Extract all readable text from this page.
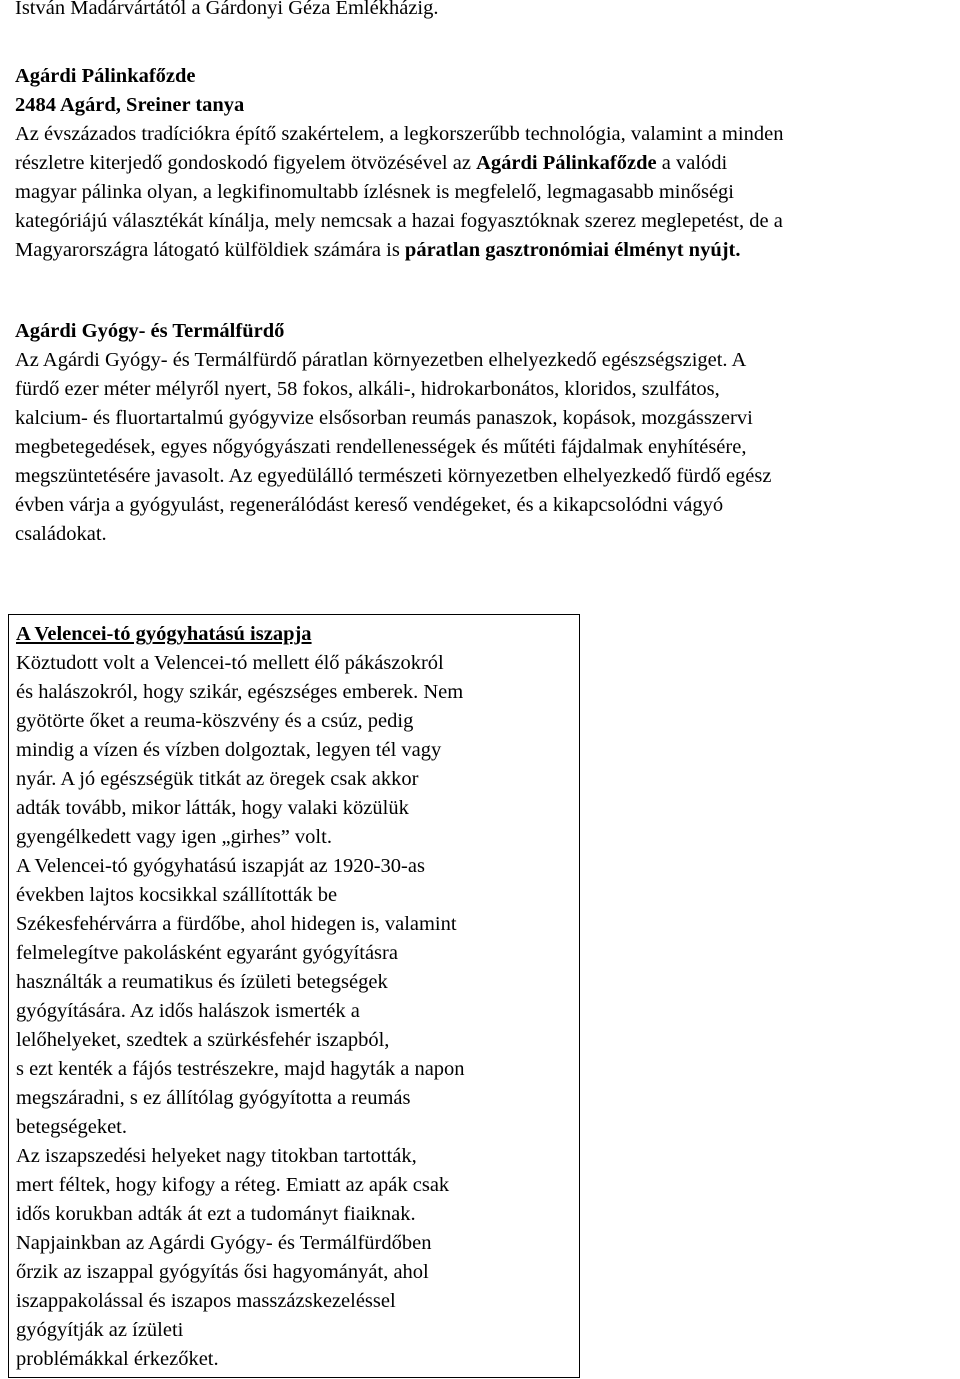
István Madárvártától a Gárdonyi Géza Emlékházig.
Agárdi Pálinkafőzde
2484 Agárd, Sreiner tanya
Az évszázados tradíciókra építő szakértelem, a legkorszerűbb technológia, valamint a minden
részletre kiterjedő gondoskodó figyelem ötvözésével az Agárdi Pálinkafőzde a valódi
magyar pálinka olyan, a legkifinomultabb ízlésnek is megfelelő, legmagasabb minőségi
kategóriájú választékát kínálja, mely nemcsak a hazai fogyasztóknak szerez meglepetést, de a
Magyarországra látogató külföldiek számára is páratlan gasztronómiai élményt nyújt.
Agárdi Gyógy- és Termálfürdő
Az Agárdi Gyógy- és Termálfürdő páratlan környezetben elhelyezkedő egészségsziget. A
fürdő ezer méter mélyről nyert, 58 fokos, alkáli-, hidrokarbonátos, kloridos, szulfátos,
kalcium- és fluortartalmú gyógyvize elsősorban reumás panaszok, kopások, mozgásszervi
megbetegedések, egyes nőgyógyászati rendellenességek és műtéti fájdalmak enyhítésére,
megszüntetésére javasolt. Az egyedülálló természeti környezetben elhelyezkedő fürdő egész
évben várja a gyógyulást, regenerálódást kereső vendégeket, és a kikapcsolódni vágyó
családokat.
A Velencei-tó gyógyhatású iszapja
Köztudott volt a Velencei-tó mellett élő pákászokról
és halászokról, hogy szikár, egészséges emberek. Nem
gyötörte őket a reuma-köszvény és a csúz, pedig
mindig a vízen és vízben dolgoztak, legyen tél vagy
nyár. A jó egészségük titkát az öregek csak akkor
adták tovább, mikor látták, hogy valaki közülük
gyengélkedett vagy igen „girhes” volt.
A Velencei-tó gyógyhatású iszapját az 1920-30-as
években lajtos kocsikkal szállították be
Székesfehérvárra a fürdőbe, ahol hidegen is, valamint
felmelegítve pakolásként egyaránt gyógyításra
használták a reumatikus és ízületi betegségek
gyógyítására. Az idős halászok ismerték a
lelőhelyeket, szedtek a szürkésfehér iszapból,
s ezt kenték a fájós testrészekre, majd hagyták a napon
megszáradni, s ez állítólag gyógyította a reumás
betegségeket.
Az iszapszedési helyeket nagy titokban tartották,
mert féltek, hogy kifogy a réteg. Emiatt az apák csak
idős korukban adták át ezt a tudományt fiaiknak.
Napjainkban az Agárdi Gyógy- és Termálfürdőben
őrzik az iszappal gyógyítás ősi hagyományát, ahol
iszappakolással és iszapos masszázskezeléssel
gyógyítják az ízületi
problémákkal érkezőket.
